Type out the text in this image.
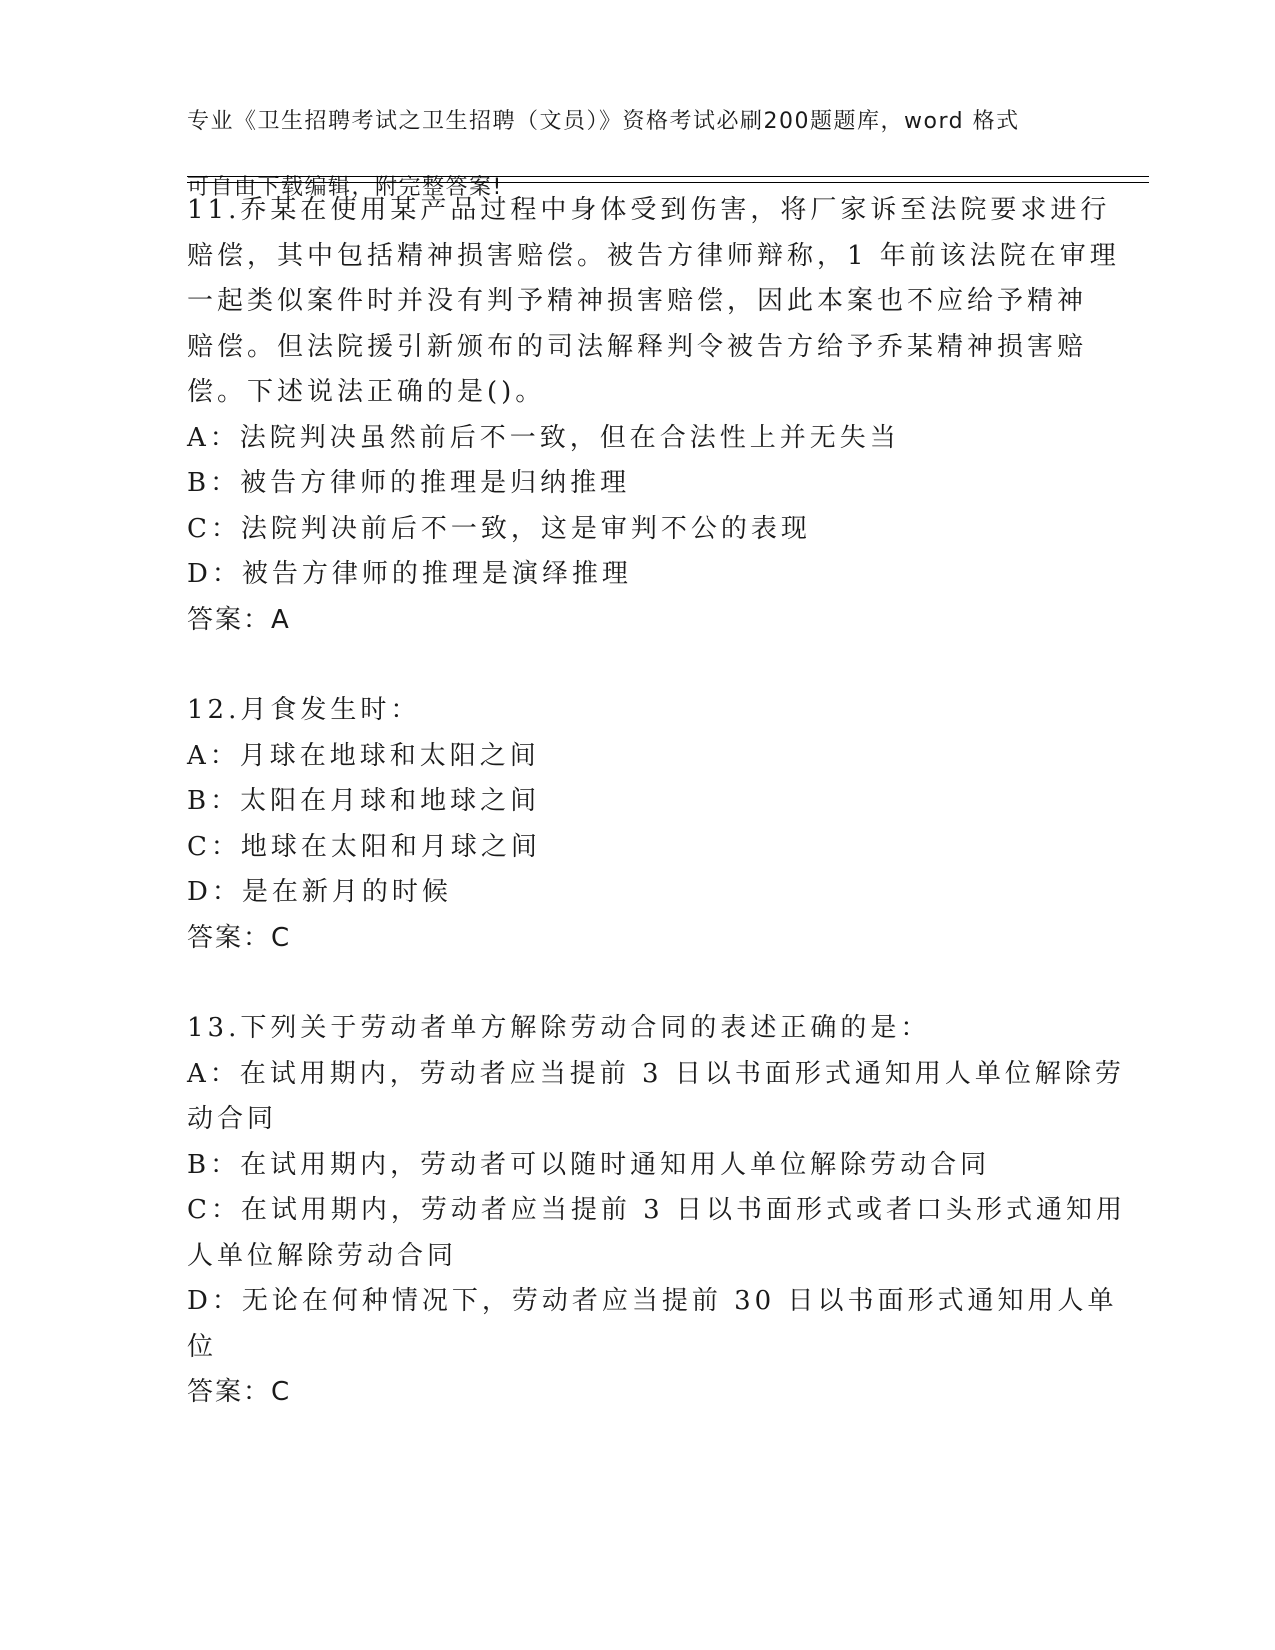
专业《卫生招聘考试之卫生招聘（文员）》资格考试必刷200题题库，word 格式

可自由下载编辑，附完整答案!

11.乔某在使用某产品过程中身体受到伤害，将厂家诉至法院要求进行
赔偿，其中包括精神损害赔偿。被告方律师辩称，1 年前该法院在审理
一起类似案件时并没有判予精神损害赔偿，因此本案也不应给予精神
赔偿。但法院援引新颁布的司法解释判令被告方给予乔某精神损害赔
偿。下述说法正确的是()。
A：法院判决虽然前后不一致，但在合法性上并无失当
B：被告方律师的推理是归纳推理
C：法院判决前后不一致，这是审判不公的表现
D：被告方律师的推理是演绎推理
答案：A
12.月食发生时：
A：月球在地球和太阳之间
B：太阳在月球和地球之间
C：地球在太阳和月球之间
D：是在新月的时候
答案：C
13.下列关于劳动者单方解除劳动合同的表述正确的是：
A：在试用期内，劳动者应当提前 3 日以书面形式通知用人单位解除劳
动合同
B：在试用期内，劳动者可以随时通知用人单位解除劳动合同
C：在试用期内，劳动者应当提前 3 日以书面形式或者口头形式通知用
人单位解除劳动合同
D：无论在何种情况下，劳动者应当提前 30 日以书面形式通知用人单
位
答案：C
